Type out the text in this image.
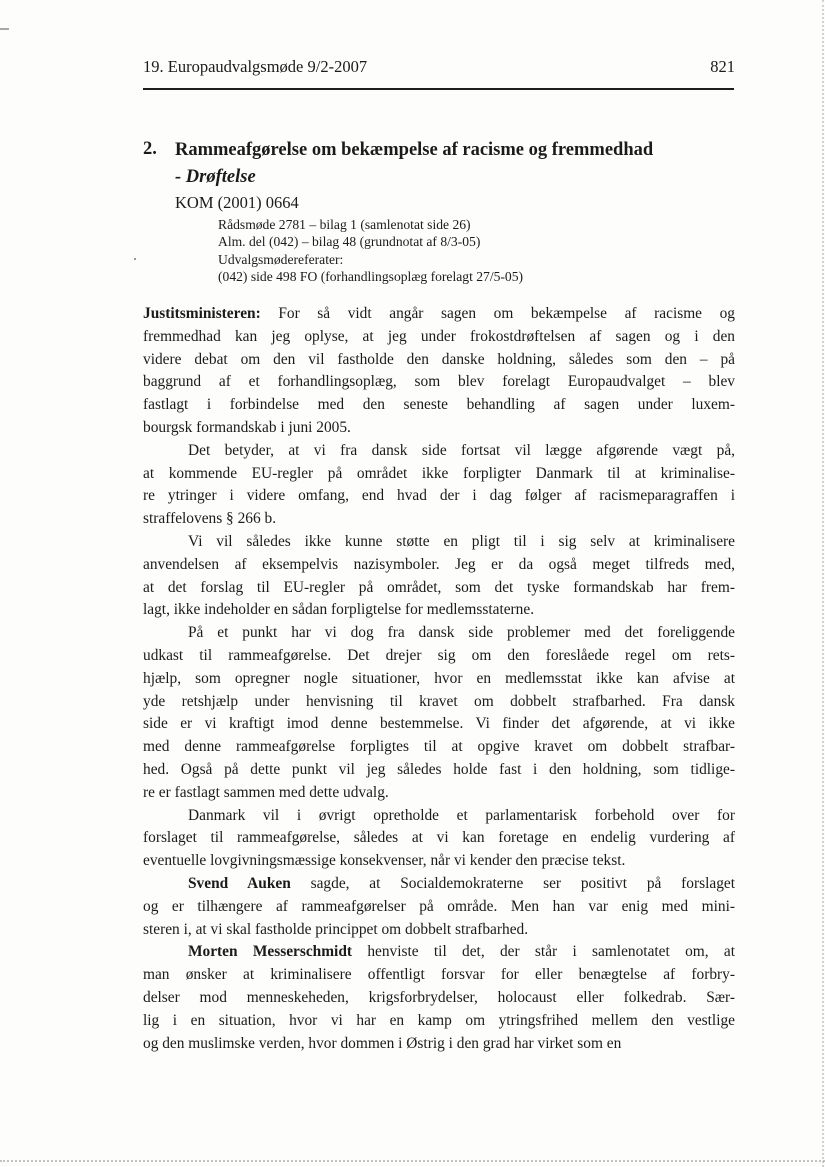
19. Europaudvalgsmøde 9/2-2007	821
2. Rammeafgørelse om bekæmpelse af racisme og fremmedhad
- Drøftelse
KOM (2001) 0664
Rådsmøde 2781 – bilag 1 (samlenotat side 26)
Alm. del (042) – bilag 48 (grundnotat af 8/3-05)
Udvalgsmødereferater:
(042) side 498 FO (forhandlingsoplæg forelagt 27/5-05)
Justitsministeren: For så vidt angår sagen om bekæmpelse af racisme og
fremmedhad kan jeg oplyse, at jeg under frokostdrøftelsen af sagen og i den
videre debat om den vil fastholde den danske holdning, således som den – på
baggrund af et forhandlingsoplæg, som blev forelagt Europaudvalget – blev
fastlagt i forbindelse med den seneste behandling af sagen under luxem-
bourgsk formandskab i juni 2005.
Det betyder, at vi fra dansk side fortsat vil lægge afgørende vægt på,
at kommende EU-regler på området ikke forpligter Danmark til at kriminalise-
re ytringer i videre omfang, end hvad der i dag følger af racismeparagraffen i
straffelovens § 266 b.
Vi vil således ikke kunne støtte en pligt til i sig selv at kriminalisere
anvendelsen af eksempelvis nazisymboler. Jeg er da også meget tilfreds med,
at det forslag til EU-regler på området, som det tyske formandskab har frem-
lagt, ikke indeholder en sådan forpligtelse for medlemsstaterne.
På et punkt har vi dog fra dansk side problemer med det foreliggende
udkast til rammeafgørelse. Det drejer sig om den foreslåede regel om rets-
hjælp, som opregner nogle situationer, hvor en medlemsstat ikke kan afvise at
yde retshjælp under henvisning til kravet om dobbelt strafbarhed. Fra dansk
side er vi kraftigt imod denne bestemmelse. Vi finder det afgørende, at vi ikke
med denne rammeafgørelse forpligtes til at opgive kravet om dobbelt strafbar-
hed. Også på dette punkt vil jeg således holde fast i den holdning, som tidlige-
re er fastlagt sammen med dette udvalg.
Danmark vil i øvrigt opretholde et parlamentarisk forbehold over for
forslaget til rammeafgørelse, således at vi kan foretage en endelig vurdering af
eventuelle lovgivningsmæssige konsekvenser, når vi kender den præcise tekst.
Svend Auken sagde, at Socialdemokraterne ser positivt på forslaget
og er tilhængere af rammeafgørelser på område. Men han var enig med mini-
steren i, at vi skal fastholde princippet om dobbelt strafbarhed.
Morten Messerschmidt henviste til det, der står i samlenotatet om, at
man ønsker at kriminalisere offentligt forsvar for eller benægtelse af forbry-
delser mod menneskeheden, krigsforbrydelser, holocaust eller folkedrab. Sær-
lig i en situation, hvor vi har en kamp om ytringsfrihed mellem den vestlige
og den muslimske verden, hvor dommen i Østrig i den grad har virket som en
